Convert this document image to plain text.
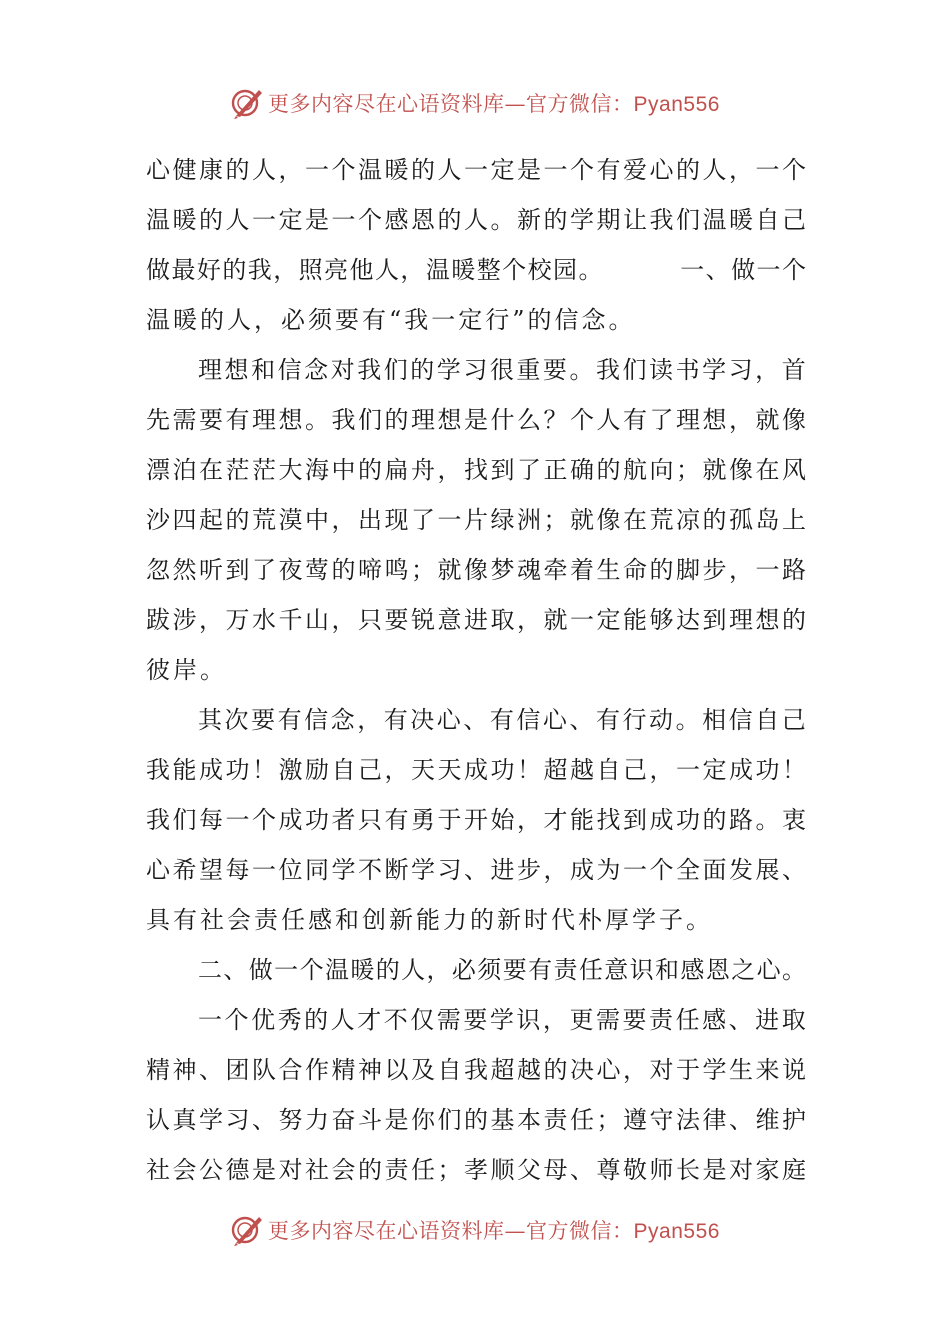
更多内容尽在心语资料库—官方微信：Pyan556
心 健 康 的 人 ， 一 个 温 暖 的 人 一 定 是 一 个 有 爱 心 的 人 ， 一 个
温 暖 的 人 一 定 是 一 个 感 恩 的 人 。 新 的 学 期 让 我 们 温 暖 自 己
做 最 好 的 我 ， 照 亮 他 人 ， 温 暖 整 个 校 园 。

　	一 、 做 一 个
温暖的人，必须要有“我一定行”的信念。
理 想 和 信 念 对 我 们 的 学 习 很 重 要 。 我 们 读 书 学 习 ， 首
先 需 要 有 理 想 。 我 们 的 理 想 是 什 么 ？ 个 人 有 了 理 想 ， 就 像
漂 泊 在 茫 茫 大 海 中 的 扁 舟 ， 找 到 了 正 确 的 航 向 ； 就 像 在 风
沙 四 起 的 荒 漠 中 ， 出 现 了 一 片 绿 洲 ； 就 像 在 荒 凉 的 孤 岛 上
忽 然 听 到 了 夜 莺 的 啼 鸣 ； 就 像 梦 魂 牵 着 生 命 的 脚 步 ， 一 路
跋 涉 ， 万 水 千 山 ， 只 要 锐 意 进 取 ， 就 一 定 能 够 达 到 理 想 的
彼岸。
其 次 要 有 信 念 ， 有 决 心 、 有 信 心 、 有 行 动 。 相 信 自 己
我 能 成 功 ！ 激 励 自 己 ， 天 天 成 功 ！ 超 越 自 己 ， 一 定 成 功 ！
我 们 每 一 个 成 功 者 只 有 勇 于 开 始 ， 才 能 找 到 成 功 的 路 。 衷
心 希 望 每 一 位 同 学 不 断 学 习 、 进 步 ， 成 为 一 个 全 面 发 展 、
具有社会责任感和创新能力的新时代朴厚学子。
二 、 做 一 个 温 暖 的 人 ， 必 须 要 有 责 任 意 识 和 感 恩 之 心 。
一 个 优 秀 的 人 才 不 仅 需 要 学 识 ， 更 需 要 责 任 感 、 进 取
精 神 、 团 队 合 作 精 神 以 及 自 我 超 越 的 决 心 ， 对 于 学 生 来 说
认 真 学 习 、 努 力 奋 斗 是 你 们 的 基 本 责 任 ； 遵 守 法 律 、 维 护
社 会 公 德 是 对 社 会 的 责 任 ； 孝 顺 父 母 、 尊 敬 师 长 是 对 家 庭
更多内容尽在心语资料库—官方微信：Pyan556
